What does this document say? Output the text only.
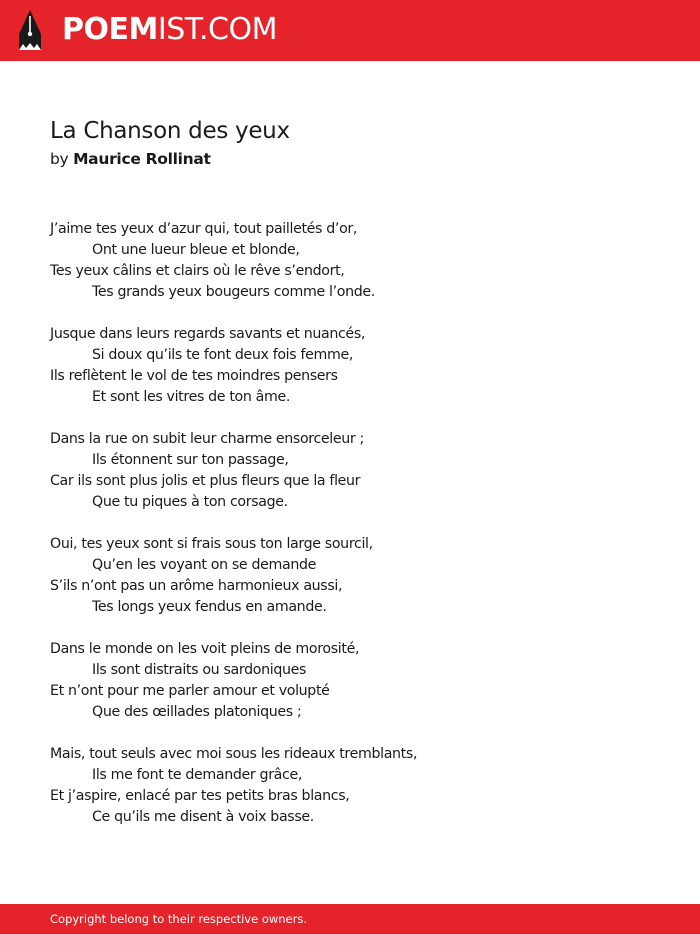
POEMIST.COM
La Chanson des yeux
by Maurice Rollinat
J’aime tes yeux d’azur qui, tout pailletés d’or,
Ont une lueur bleue et blonde,
Tes yeux câlins et clairs où le rêve s’endort,
Tes grands yeux bougeurs comme l’onde.
Jusque dans leurs regards savants et nuancés,
Si doux qu’ils te font deux fois femme,
Ils reflètent le vol de tes moindres pensers
Et sont les vitres de ton âme.
Dans la rue on subit leur charme ensorceleur ;
Ils étonnent sur ton passage,
Car ils sont plus jolis et plus fleurs que la fleur
Que tu piques à ton corsage.
Oui, tes yeux sont si frais sous ton large sourcil,
Qu’en les voyant on se demande
S’ils n’ont pas un arôme harmonieux aussi,
Tes longs yeux fendus en amande.
Dans le monde on les voit pleins de morosité,
Ils sont distraits ou sardoniques
Et n’ont pour me parler amour et volupté
Que des œillades platoniques ;
Mais, tout seuls avec moi sous les rideaux tremblants,
Ils me font te demander grâce,
Et j’aspire, enlacé par tes petits bras blancs,
Ce qu’ils me disent à voix basse.
Copyright belong to their respective owners.
